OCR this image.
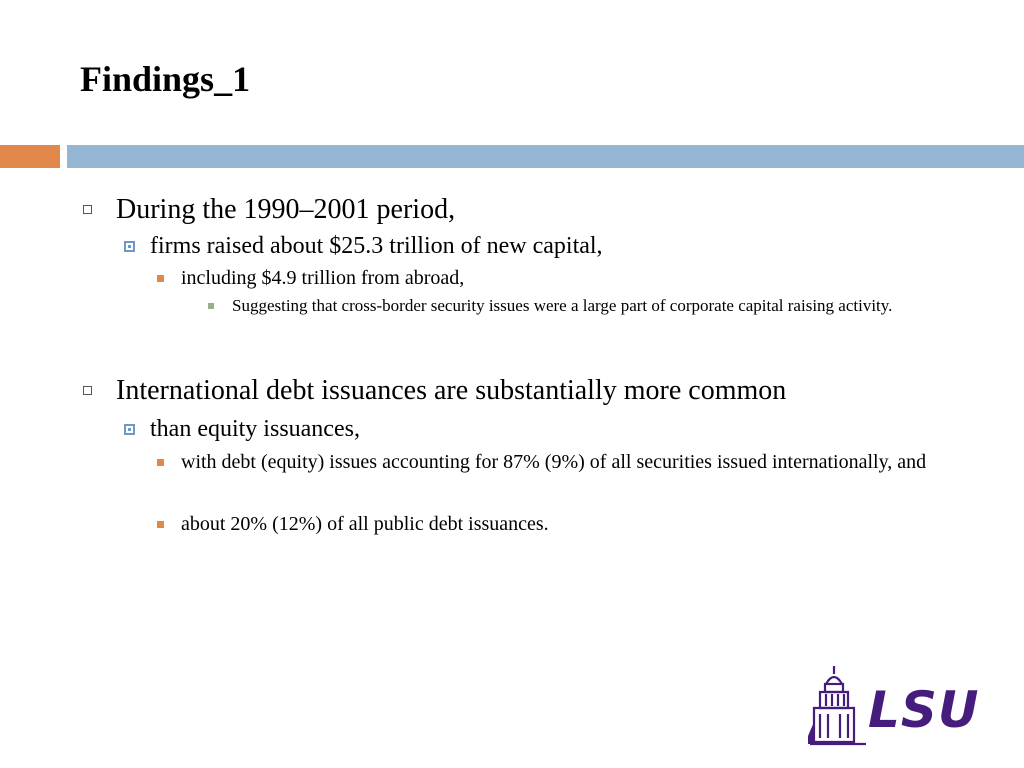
Findings_1
During the 1990–2001 period,
firms raised about $25.3 trillion of new capital,
including $4.9 trillion from abroad,
Suggesting that cross-border security issues were a large part of corporate capital raising activity.
International debt issuances are substantially more common
than equity issuances,
with debt (equity) issues accounting for 87% (9%) of all securities issued internationally, and
about 20% (12%) of all public debt issuances.
LSU
